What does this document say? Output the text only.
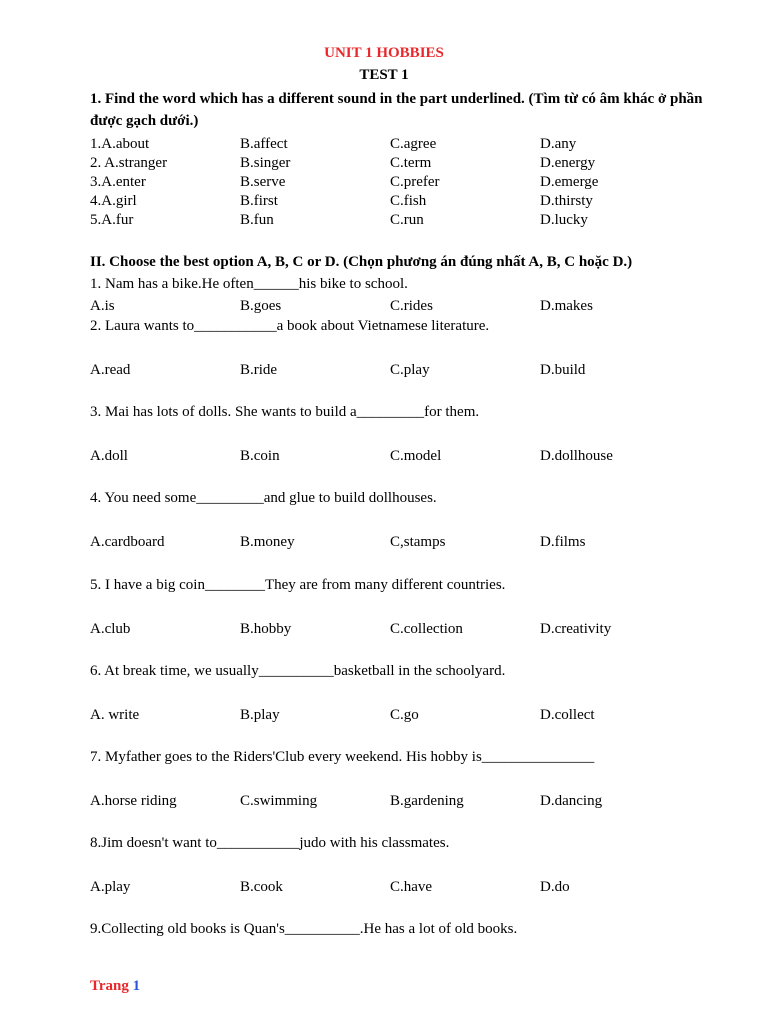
UNIT 1 HOBBIES
TEST 1
1. Find the word which has a different sound in the part underlined. (Tìm từ có âm khác ở phần được gạch dưới.)
1.A.about	B.affect	C.agree	D.any
2. A.stranger	B.singer	C.term	D.energy
3.A.enter	B.serve	C.prefer	D.emerge
4.A.girl	B.first	C.fish	D.thirsty
5.A.fur	B.fun	C.run	D.lucky
II. Choose the best option A, B, C or D. (Chọn phương án đúng nhất A, B, C hoặc D.)
1. Nam has a bike.He often______his bike to school.
A.is	B.goes	C.rides	D.makes
2. Laura wants to___________a book about Vietnamese literature.
A.read	B.ride	C.play	D.build
3. Mai has lots of dolls. She wants to build a_________for them.
A.doll	B.coin	C.model	D.dollhouse
4. You need some_________and glue to build dollhouses.
A.cardboard	B.money	C,stamps	D.films
5. I have a big coin________They are from many different countries.
A.club	B.hobby	C.collection	D.creativity
6. At break time, we usually__________basketball in the schoolyard.
A. write	B.play	C.go	D.collect
7. Myfather goes to the Riders'Club every weekend. His hobby is_______________
A.horse riding	C.swimming	B.gardening	D.dancing
8.Jim doesn't want to___________judo with his classmates.
A.play	B.cook	C.have	D.do
9.Collecting old books is Quan's__________.He has a lot of old books.
Trang 1
